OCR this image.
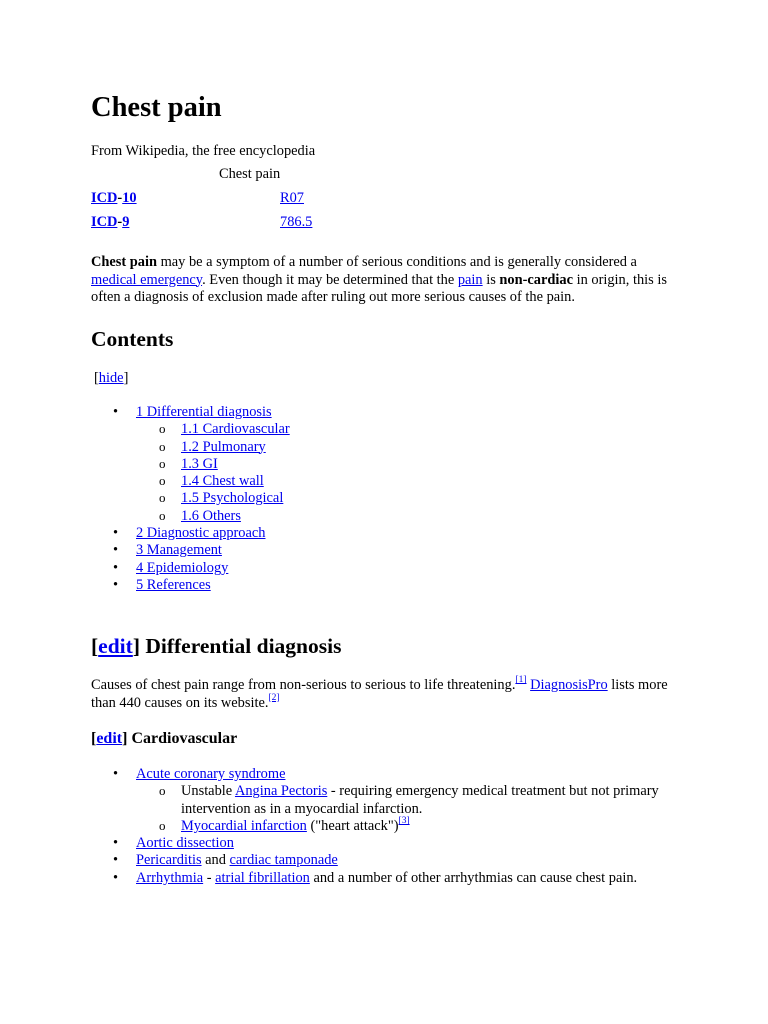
Chest pain
From Wikipedia, the free encyclopedia
Chest pain
ICD-10	R07
ICD-9	786.5

Chest pain may be a symptom of a number of serious conditions and is generally considered a medical emergency. Even though it may be determined that the pain is non-cardiac in origin, this is often a diagnosis of exclusion made after ruling out more serious causes of the pain.

Contents
[hide]
• 1 Differential diagnosis
o 1.1 Cardiovascular
o 1.2 Pulmonary
o 1.3 GI
o 1.4 Chest wall
o 1.5 Psychological
o 1.6 Others
• 2 Diagnostic approach
• 3 Management
• 4 Epidemiology
• 5 References
[edit] Differential diagnosis

Causes of chest pain range from non-serious to serious to life threatening.[1] DiagnosisPro lists more than 440 causes on its website.[2]

[edit] Cardiovascular
• Acute coronary syndrome
o Unstable Angina Pectoris - requiring emergency medical treatment but not primary intervention as in a myocardial infarction.
o Myocardial infarction ("heart attack")[3]
• Aortic dissection
• Pericarditis and cardiac tamponade
• Arrhythmia - atrial fibrillation and a number of other arrhythmias can cause chest pain.
